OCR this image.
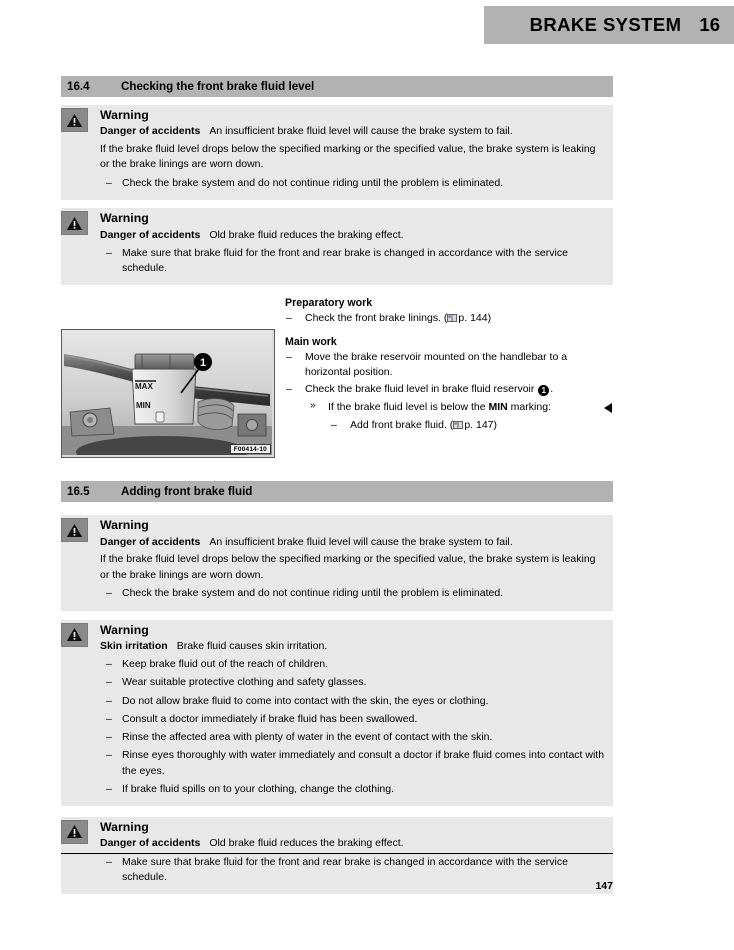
BRAKE SYSTEM 16
16.4	Checking the front brake fluid level
Warning
Danger of accidents An insufficient brake fluid level will cause the brake system to fail.
If the brake fluid level drops below the specified marking or the specified value, the brake system is leaking or the brake linings are worn down.
– Check the brake system and do not continue riding until the problem is eliminated.
Warning
Danger of accidents Old brake fluid reduces the braking effect.
– Make sure that brake fluid for the front and rear brake is changed in accordance with the service schedule.
MAX
MIN
1
F00414-10
Preparatory work
– Check the front brake linings. ( p. 144)
Main work
– Move the brake reservoir mounted on the handlebar to a horizontal position.
– Check the brake fluid level in brake fluid reservoir 1 .
» If the brake fluid level is below the MIN marking:
– Add front brake fluid. ( p. 147)
16.5	Adding front brake fluid
Warning
Danger of accidents An insufficient brake fluid level will cause the brake system to fail.
If the brake fluid level drops below the specified marking or the specified value, the brake system is leaking or the brake linings are worn down.
– Check the brake system and do not continue riding until the problem is eliminated.
Warning
Skin irritation Brake fluid causes skin irritation.
– Keep brake fluid out of the reach of children.
– Wear suitable protective clothing and safety glasses.
– Do not allow brake fluid to come into contact with the skin, the eyes or clothing.
– Consult a doctor immediately if brake fluid has been swallowed.
– Rinse the affected area with plenty of water in the event of contact with the skin.
– Rinse eyes thoroughly with water immediately and consult a doctor if brake fluid comes into contact with the eyes.
– If brake fluid spills on to your clothing, change the clothing.
Warning
Danger of accidents Old brake fluid reduces the braking effect.
– Make sure that brake fluid for the front and rear brake is changed in accordance with the service schedule.
147
